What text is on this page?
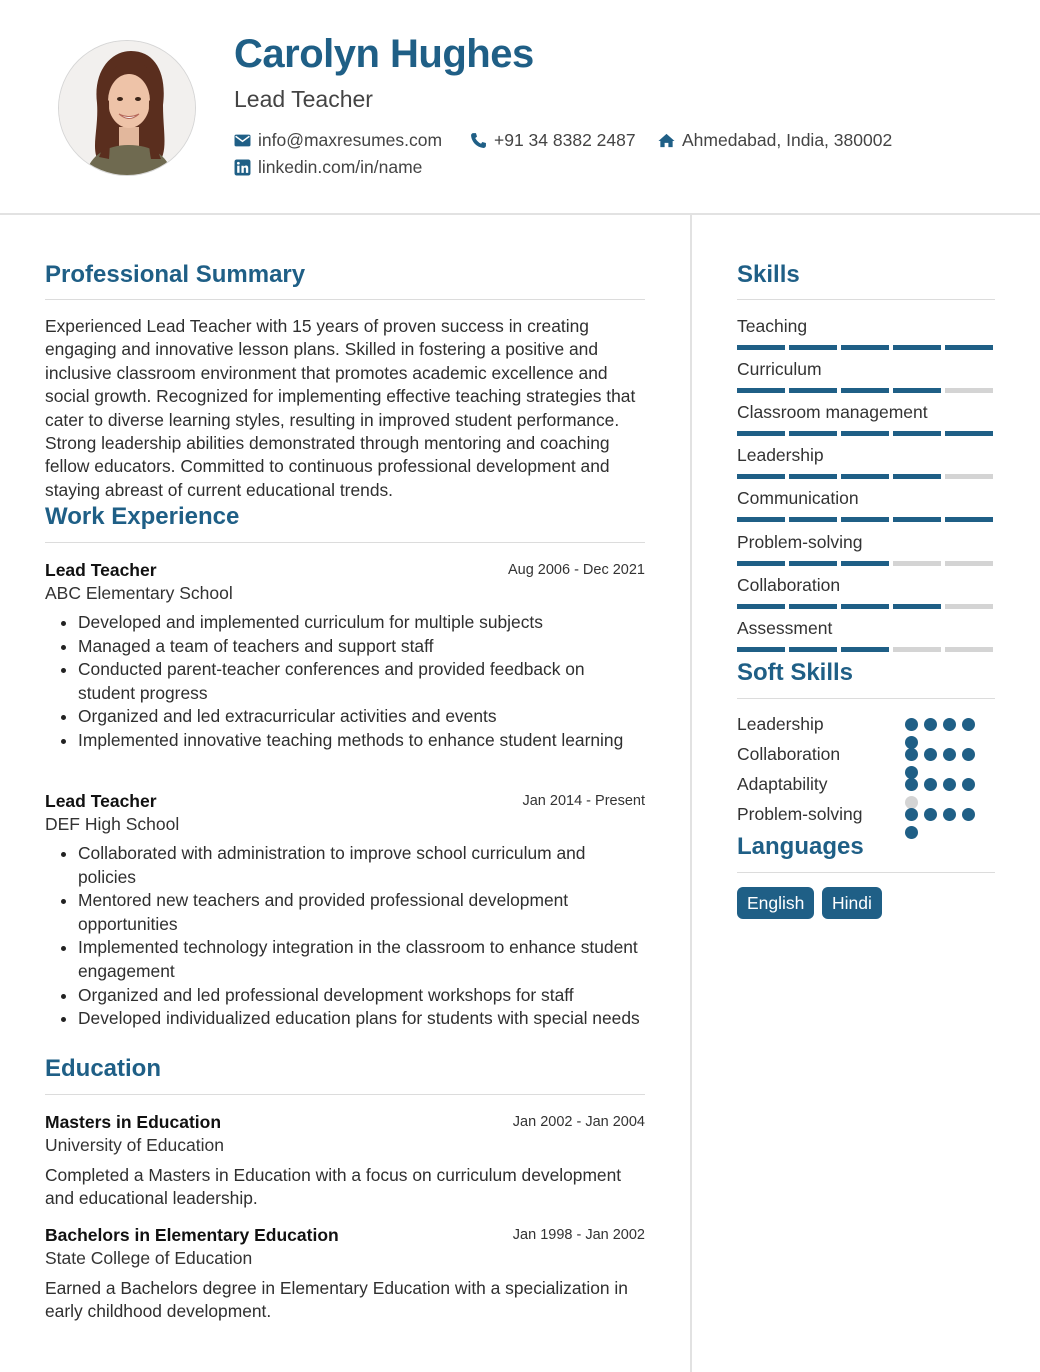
Carolyn Hughes
Lead Teacher
info@maxresumes.com	+91 34 8382 2487	Ahmedabad, India, 380002
linkedin.com/in/name
Professional Summary
Experienced Lead Teacher with 15 years of proven success in creating engaging and innovative lesson plans. Skilled in fostering a positive and inclusive classroom environment that promotes academic excellence and social growth. Recognized for implementing effective teaching strategies that cater to diverse learning styles, resulting in improved student performance. Strong leadership abilities demonstrated through mentoring and coaching fellow educators. Committed to continuous professional development and staying abreast of current educational trends.
Work Experience
Lead Teacher	Aug 2006 - Dec 2021
ABC Elementary School
Developed and implemented curriculum for multiple subjects
Managed a team of teachers and support staff
Conducted parent-teacher conferences and provided feedback on student progress
Organized and led extracurricular activities and events
Implemented innovative teaching methods to enhance student learning
Lead Teacher	Jan 2014 - Present
DEF High School
Collaborated with administration to improve school curriculum and policies
Mentored new teachers and provided professional development opportunities
Implemented technology integration in the classroom to enhance student engagement
Organized and led professional development workshops for staff
Developed individualized education plans for students with special needs
Education
Masters in Education	Jan 2002 - Jan 2004
University of Education
Completed a Masters in Education with a focus on curriculum development and educational leadership.
Bachelors in Elementary Education	Jan 1998 - Jan 2002
State College of Education
Earned a Bachelors degree in Elementary Education with a specialization in early childhood development.
Skills
Teaching
Curriculum
Classroom management
Leadership
Communication
Problem-solving
Collaboration
Assessment
Soft Skills
Leadership
Collaboration
Adaptability
Problem-solving
Languages
English	Hindi
